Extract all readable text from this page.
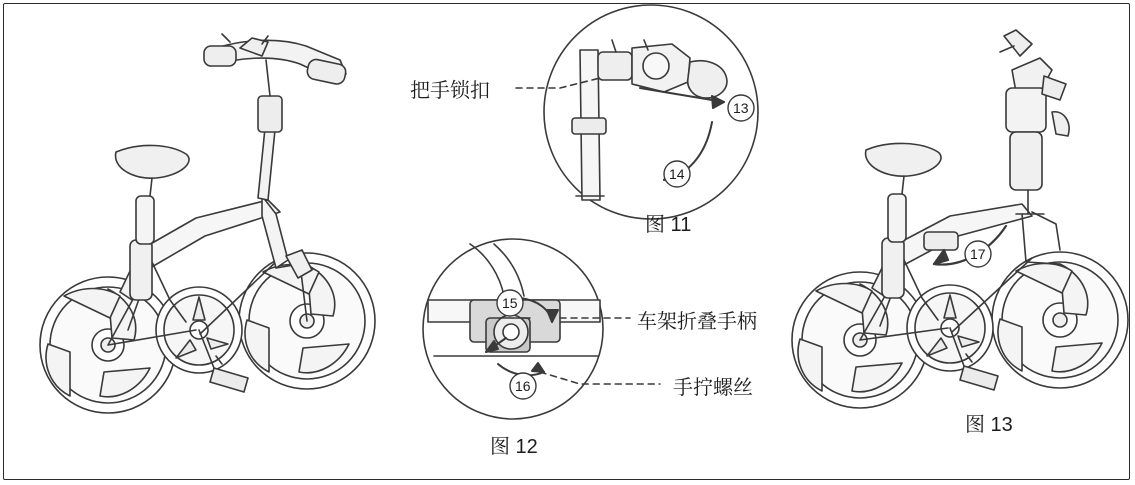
把手锁扣
图 11
车架折叠手柄
手拧螺丝
图 12
图 13
13
14
15
16
17
